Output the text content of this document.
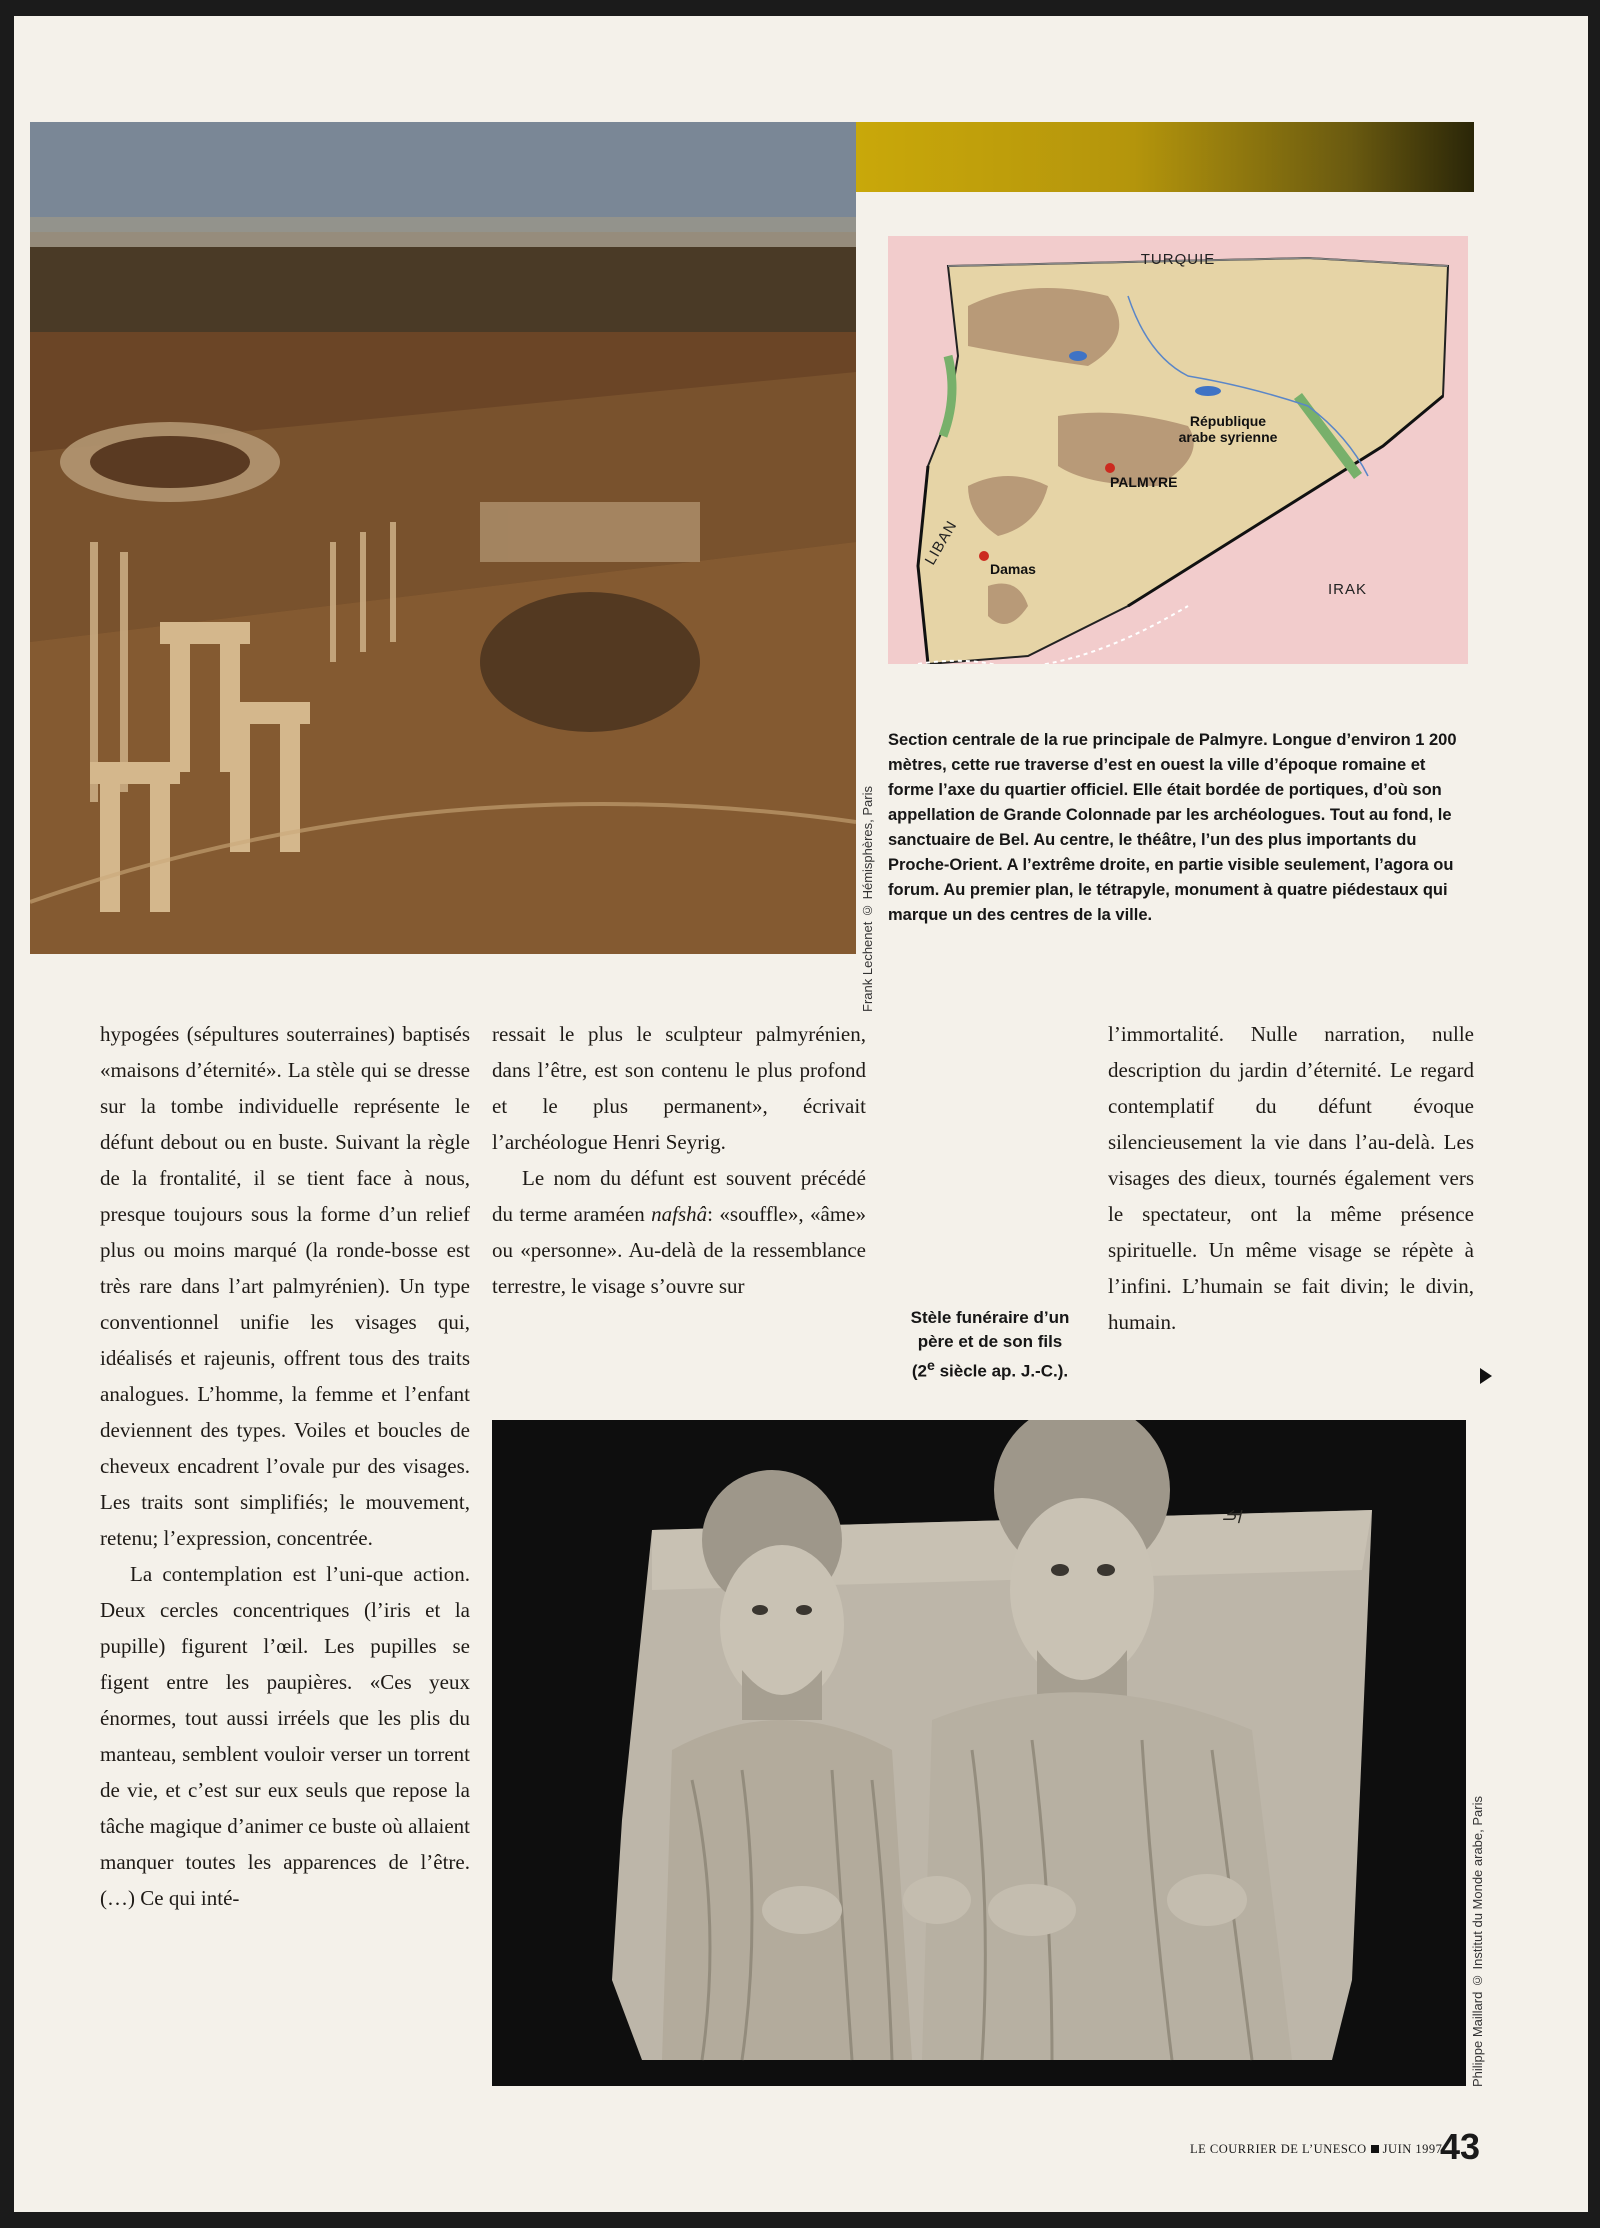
Frank Lechenet © Hémisphères, Paris
TURQUIE
République
arabe syrienne
PALMYRE
Damas
LIBAN
IRAK
Section centrale de la rue principale de Palmyre. Longue d’environ 1 200 mètres, cette rue traverse d’est en ouest la ville d’époque romaine et forme l’axe du quartier officiel. Elle était bordée de portiques, d’où son appellation de Grande Colonnade par les archéologues. Tout au fond, le sanctuaire de Bel. Au centre, le théâtre, l’un des plus importants du Proche-Orient. A l’extrême droite, en partie visible seulement, l’agora ou forum. Au premier plan, le tétrapyle, monument à quatre piédestaux qui marque un des centres de la ville.

hypogées (sépultures souterraines) baptisés «maisons d’éternité». La stèle qui se dresse sur la tombe individuelle représente le défunt debout ou en buste. Suivant la règle de la frontalité, il se tient face à nous, presque toujours sous la forme d’un relief plus ou moins marqué (la ronde-bosse est très rare dans l’art palmyrénien). Un type conventionnel unifie les visages qui, idéalisés et rajeunis, offrent tous des traits analogues. L’homme, la femme et l’enfant deviennent des types. Voiles et boucles de cheveux encadrent l’ovale pur des visages. Les traits sont simplifiés; le mouvement, retenu; l’expression, concentrée.

La contemplation est l’uni-que action. Deux cercles concentriques (l’iris et la pupille) figurent l’œil. Les pupilles se figent entre les paupières. «Ces yeux énormes, tout aussi irréels que les plis du manteau, semblent vouloir verser un torrent de vie, et c’est sur eux seuls que repose la tâche magique d’animer ce buste où allaient manquer toutes les apparences de l’être. (…) Ce qui inté-

ressait le plus le sculpteur palmyrénien, dans l’être, est son contenu le plus profond et le plus permanent», écrivait l’archéologue Henri Seyrig.

Le nom du défunt est souvent précédé du terme araméen nafshâ: «souffle», «âme» ou «personne». Au-delà de la ressemblance terrestre, le visage s’ouvre sur

Stèle funéraire d’un
père et de son fils
(2e siècle ap. J.-C.).

l’immortalité. Nulle narration, nulle description du jardin d’éternité. Le regard contemplatif du défunt évoque silencieusement la vie dans l’au-delà. Les visages des dieux, tournés également vers le spectateur, ont la même présence spirituelle. Un même visage se répète à l’infini. L’humain se fait divin; le divin, humain.

ࡌ
Philippe Maillard © Institut du Monde arabe, Paris
LE COURRIER DE L’UNESCO JUIN 1997
43
